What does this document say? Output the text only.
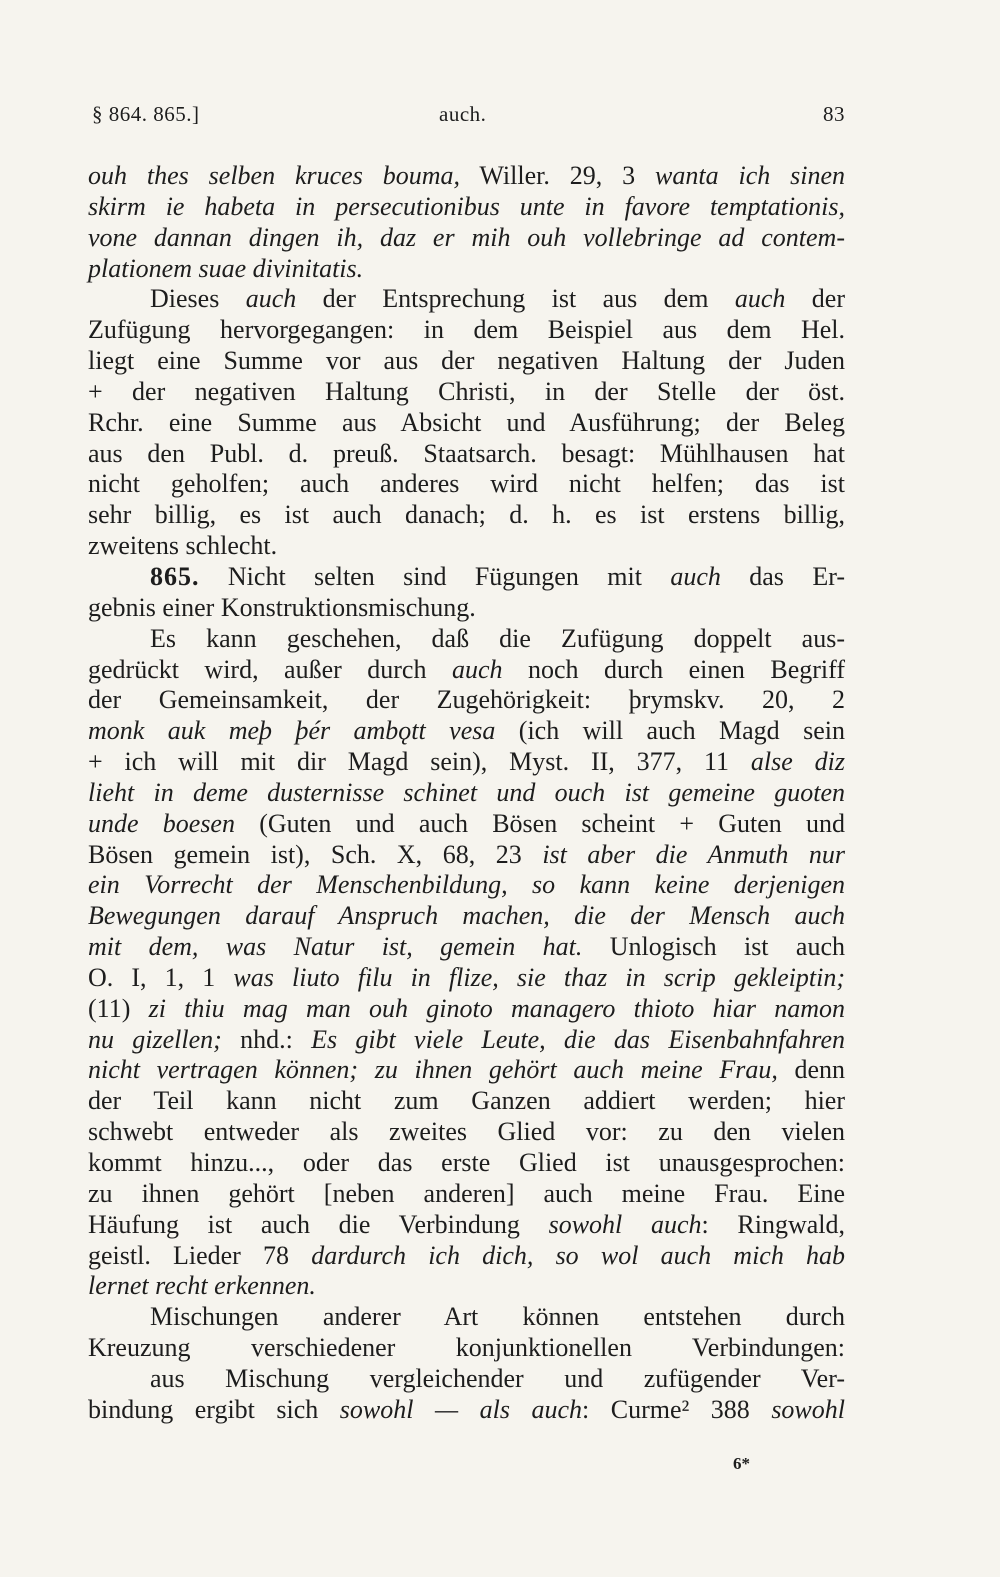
§ 864. 865.]	auch.	83
ouh thes selben kruces bouma, Willer. 29, 3 wanta ich sinen
skirm ie habeta in persecutionibus unte in favore temptationis,
vone dannan dingen ih, daz er mih ouh vollebringe ad contem-
plationem suae divinitatis.
Dieses auch der Entsprechung ist aus dem auch der
Zufügung hervorgegangen: in dem Beispiel aus dem Hel.
liegt eine Summe vor aus der negativen Haltung der Juden
+ der negativen Haltung Christi, in der Stelle der öst.
Rchr. eine Summe aus Absicht und Ausführung; der Beleg
aus den Publ. d. preuß. Staatsarch. besagt: Mühlhausen hat
nicht geholfen; auch anderes wird nicht helfen; das ist
sehr billig, es ist auch danach; d. h. es ist erstens billig,
zweitens schlecht.
865. Nicht selten sind Fügungen mit auch das Er-
gebnis einer Konstruktionsmischung.
Es kann geschehen, daß die Zufügung doppelt aus-
gedrückt wird, außer durch auch noch durch einen Begriff
der Gemeinsamkeit, der Zugehörigkeit: þrymskv. 20, 2
monk auk meþ þér ambǫtt vesa (ich will auch Magd sein
+ ich will mit dir Magd sein), Myst. II, 377, 11 alse diz
lieht in deme dusternisse schinet und ouch ist gemeine guoten
unde boesen (Guten und auch Bösen scheint + Guten und
Bösen gemein ist), Sch. X, 68, 23 ist aber die Anmuth nur
ein Vorrecht der Menschenbildung, so kann keine derjenigen
Bewegungen darauf Anspruch machen, die der Mensch auch
mit dem, was Natur ist, gemein hat. Unlogisch ist auch
O. I, 1, 1 was liuto filu in flize, sie thaz in scrip gekleiptin;
(11) zi thiu mag man ouh ginoto managero thioto hiar namon
nu gizellen; nhd.: Es gibt viele Leute, die das Eisenbahnfahren
nicht vertragen können; zu ihnen gehört auch meine Frau, denn
der Teil kann nicht zum Ganzen addiert werden; hier
schwebt entweder als zweites Glied vor: zu den vielen
kommt hinzu..., oder das erste Glied ist unausgesprochen:
zu ihnen gehört [neben anderen] auch meine Frau. Eine
Häufung ist auch die Verbindung sowohl auch: Ringwald,
geistl. Lieder 78 dardurch ich dich, so wol auch mich hab
lernet recht erkennen.
Mischungen anderer Art können entstehen durch
Kreuzung verschiedener konjunktionellen Verbindungen:
aus Mischung vergleichender und zufügender Ver-
bindung ergibt sich sowohl — als auch: Curme² 388 sowohl
6*
